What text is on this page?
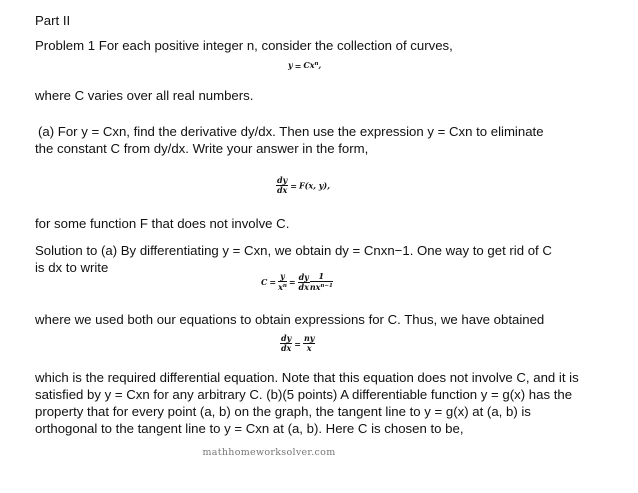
Part II
Problem 1 For each positive integer n, consider the collection of curves,
$y = Cx^n$,
where C varies over all real numbers.
(a) For y = Cxn, find the derivative dy/dx. Then use the expression y = Cxn to eliminate
the constant C from dy/dx. Write your answer in the form,
$\frac{dy}{dx} = F(x$, y),
for some function F that does not involve C.
Solution to (a) By differentiating y = Cxn, we obtain dy = Cnxn−1. One way to get rid of C
is dx to write
$C = \frac{y}{x^n} = \frac{dy}{dx} \frac{1}{nx^{n-1}}$
where we used both our equations to obtain expressions for C. Thus, we have obtained
$\frac{dy}{dx} = \frac{ny}{x}$
which is the required differential equation. Note that this equation does not involve C, and it is
satisfied by y = Cxn for any arbitrary C. (b)(5 points) A differentiable function y = g(x) has the
property that for every point (a, b) on the graph, the tangent line to y = g(x) at (a, b) is
orthogonal to the tangent line to y = Cxn at (a, b). Here C is chosen to be,
mathhomeworksolver.com
